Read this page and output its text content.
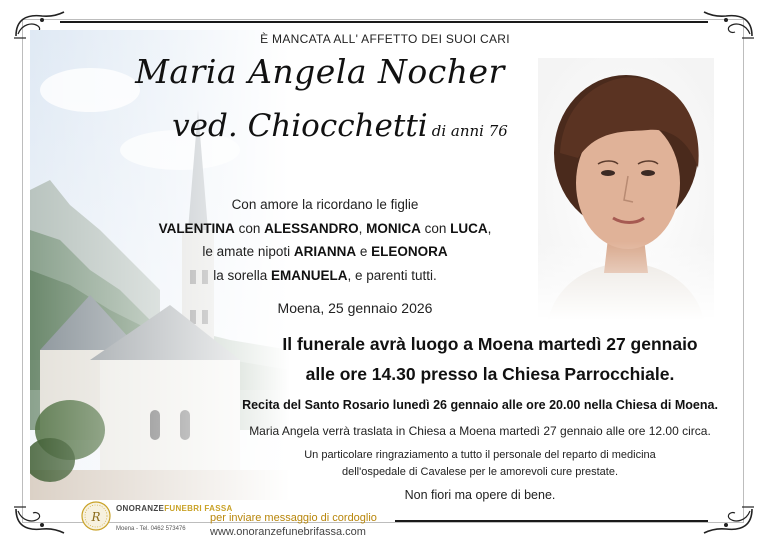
È MANCATA ALL' AFFETTO DEI SUOI CARI
Maria Angela Nocher
ved. Chiocchetti di anni 76
Con amore la ricordano le figlie
VALENTINA con ALESSANDRO, MONICA con LUCA,
le amate nipoti ARIANNA e ELEONORA
la sorella EMANUELA, e parenti tutti.
Moena, 25 gennaio 2026
Il funerale avrà luogo a Moena martedì 27 gennaio
alle ore 14.30 presso la Chiesa Parrocchiale.
Recita del Santo Rosario lunedì 26 gennaio alle ore 20.00 nella Chiesa di Moena.
Maria Angela verrà traslata in Chiesa a Moena martedì 27 gennaio alle ore 12.00 circa.
Un particolare ringraziamento a tutto il personale del reparto di medicina
dell'ospedale di Cavalese per le amorevoli cure prestate.
Non fiori ma opere di bene.
R
ONORANZEFUNEBRI FASSA
Moena - Tel. 0462 573476
per inviare messaggio di cordoglio
www.onoranzefunebrifassa.com
